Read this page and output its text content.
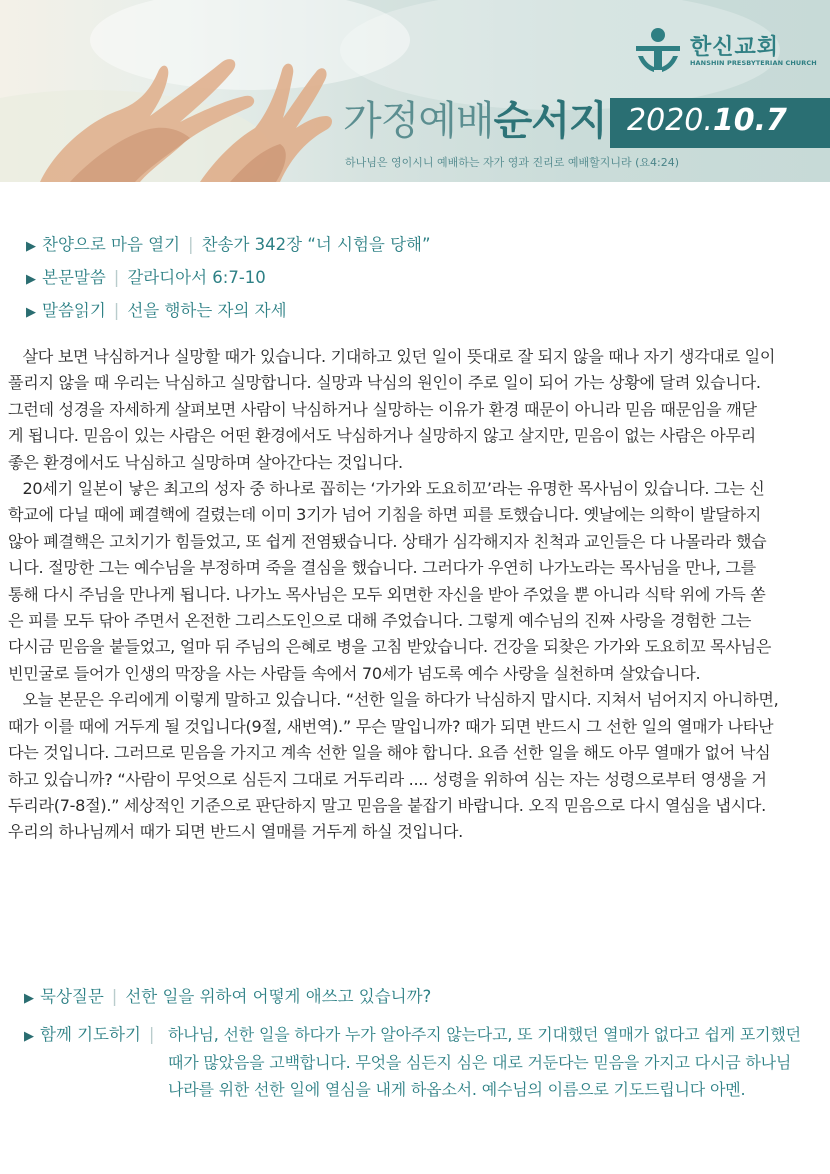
한신교회
HANSHIN PRESBYTERIAN CHURCH
가정예배순서지 2020.10.7
하나님은 영이시니 예배하는 자가 영과 진리로 예배할지니라 (요4:24)
▶ 찬양으로 마음 열기 | 찬송가 342장 “너 시험을 당해”
▶ 본문말씀 | 갈라디아서 6:7-10
▶ 말씀읽기 | 선을 행하는 자의 자세
살다 보면 낙심하거나 실망할 때가 있습니다. 기대하고 있던 일이 뜻대로 잘 되지 않을 때나 자기 생각대로 일이
풀리지 않을 때 우리는 낙심하고 실망합니다. 실망과 낙심의 원인이 주로 일이 되어 가는 상황에 달려 있습니다.
그런데 성경을 자세하게 살펴보면 사람이 낙심하거나 실망하는 이유가 환경 때문이 아니라 믿음 때문임을 깨닫
게 됩니다. 믿음이 있는 사람은 어떤 환경에서도 낙심하거나 실망하지 않고 살지만, 믿음이 없는 사람은 아무리
좋은 환경에서도 낙심하고 실망하며 살아간다는 것입니다.
20세기 일본이 낳은 최고의 성자 중 하나로 꼽히는 ‘가가와 도요히꼬’라는 유명한 목사님이 있습니다. 그는 신
학교에 다닐 때에 폐결핵에 걸렸는데 이미 3기가 넘어 기침을 하면 피를 토했습니다. 옛날에는 의학이 발달하지
않아 폐결핵은 고치기가 힘들었고, 또 쉽게 전염됐습니다. 상태가 심각해지자 친척과 교인들은 다 나몰라라 했습
니다. 절망한 그는 예수님을 부정하며 죽을 결심을 했습니다. 그러다가 우연히 나가노라는 목사님을 만나, 그를
통해 다시 주님을 만나게 됩니다. 나가노 목사님은 모두 외면한 자신을 받아 주었을 뿐 아니라 식탁 위에 가득 쏟
은 피를 모두 닦아 주면서 온전한 그리스도인으로 대해 주었습니다. 그렇게 예수님의 진짜 사랑을 경험한 그는
다시금 믿음을 붙들었고, 얼마 뒤 주님의 은혜로 병을 고침 받았습니다. 건강을 되찾은 가가와 도요히꼬 목사님은
빈민굴로 들어가 인생의 막장을 사는 사람들 속에서 70세가 넘도록 예수 사랑을 실천하며 살았습니다.
오늘 본문은 우리에게 이렇게 말하고 있습니다. “선한 일을 하다가 낙심하지 맙시다. 지쳐서 넘어지지 아니하면,
때가 이를 때에 거두게 될 것입니다(9절, 새번역).” 무슨 말입니까? 때가 되면 반드시 그 선한 일의 열매가 나타난
다는 것입니다. 그러므로 믿음을 가지고 계속 선한 일을 해야 합니다. 요즘 선한 일을 해도 아무 열매가 없어 낙심
하고 있습니까? “사람이 무엇으로 심든지 그대로 거두리라 .... 성령을 위하여 심는 자는 성령으로부터 영생을 거
두리라(7-8절).” 세상적인 기준으로 판단하지 말고 믿음을 붙잡기 바랍니다. 오직 믿음으로 다시 열심을 냅시다.
우리의 하나님께서 때가 되면 반드시 열매를 거두게 하실 것입니다.
▶ 묵상질문 | 선한 일을 위하여 어떻게 애쓰고 있습니까?
▶ 함께 기도하기 | 하나님, 선한 일을 하다가 누가 알아주지 않는다고, 또 기대했던 열매가 없다고 쉽게 포기했던
때가 많았음을 고백합니다. 무엇을 심든지 심은 대로 거둔다는 믿음을 가지고 다시금 하나님
나라를 위한 선한 일에 열심을 내게 하옵소서. 예수님의 이름으로 기도드립니다 아멘.
